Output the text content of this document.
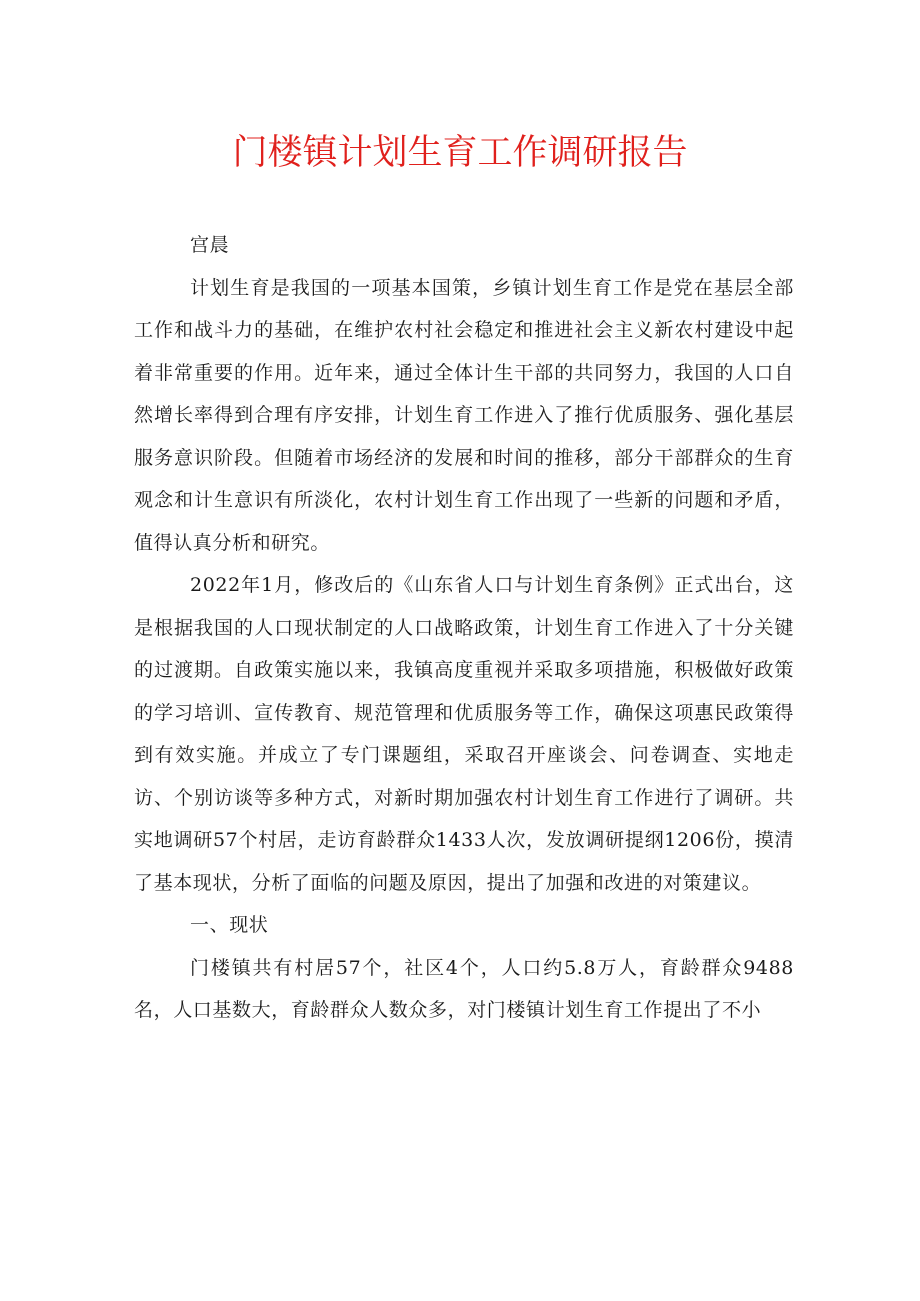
门楼镇计划生育工作调研报告

宫晨

计划生育是我国的一项基本国策，乡镇计划生育工作是党在基层全部工作和战斗力的基础，在维护农村社会稳定和推进社会主义新农村建设中起着非常重要的作用。近年来，通过全体计生干部的共同努力，我国的人口自然增长率得到合理有序安排，计划生育工作进入了推行优质服务、强化基层服务意识阶段。但随着市场经济的发展和时间的推移，部分干部群众的生育观念和计生意识有所淡化，农村计划生育工作出现了一些新的问题和矛盾，值得认真分析和研究。

2022年1月，修改后的《山东省人口与计划生育条例》正式出台，这是根据我国的人口现状制定的人口战略政策，计划生育工作进入了十分关键的过渡期。自政策实施以来，我镇高度重视并采取多项措施，积极做好政策的学习培训、宣传教育、规范管理和优质服务等工作，确保这项惠民政策得到有效实施。并成立了专门课题组，采取召开座谈会、问卷调查、实地走访、个别访谈等多种方式，对新时期加强农村计划生育工作进行了调研。共实地调研57个村居，走访育龄群众1433人次，发放调研提纲1206份，摸清了基本现状，分析了面临的问题及原因，提出了加强和改进的对策建议。

一、现状

门楼镇共有村居57个，社区4个，人口约5.8万人，育龄群众9488名，人口基数大，育龄群众人数众多，对门楼镇计划生育工作提出了不小
